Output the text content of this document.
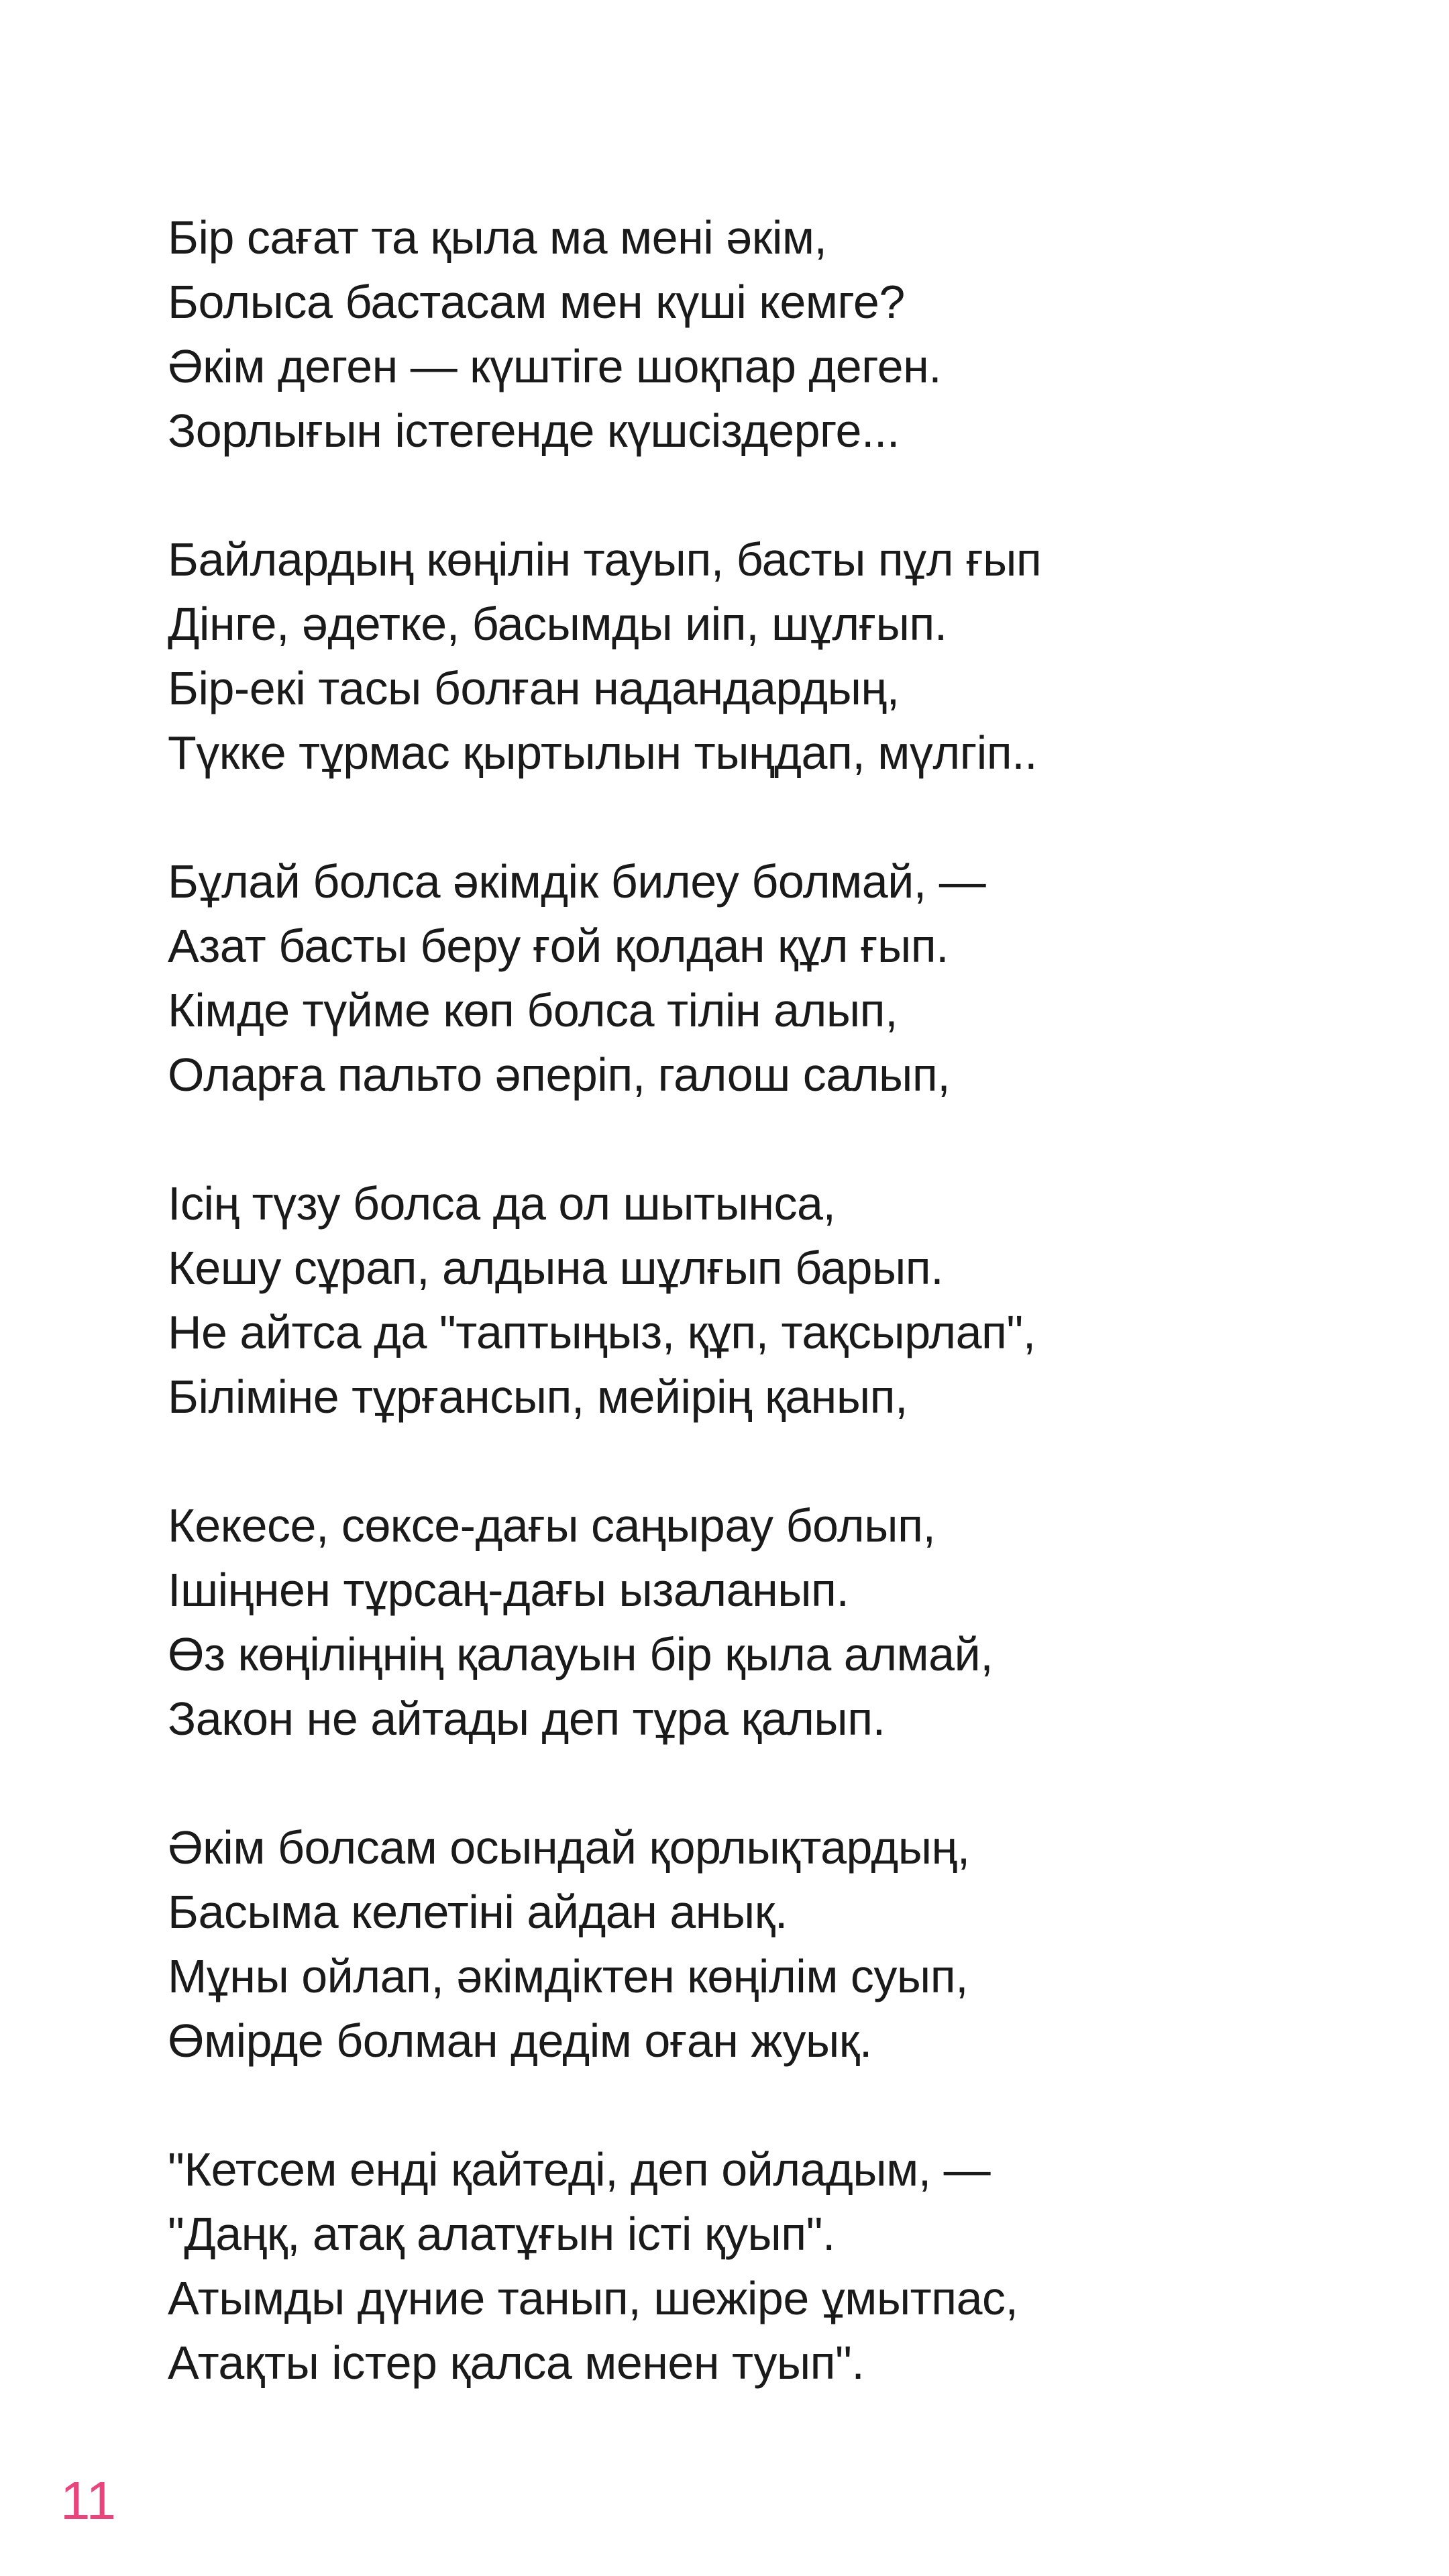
Бір сағат та қыла ма мені әкім,
Болыса бастасам мен күші кемге?
Әкім деген — күштіге шоқпар деген.
Зорлығын істегенде күшсіздерге...
Байлардың көңілін тауып, басты пұл ғып
Дінге, әдетке, басымды иіп, шұлғып.
Бір-екі тасы болған надандардың,
Түкке тұрмас қыртылын тыңдап, мүлгіп..
Бұлай болса әкімдік билеу болмай, —
Азат басты беру ғой қолдан құл ғып.
Кімде түйме көп болса тілін алып,
Оларға пальто әперіп, галош салып,
Ісің түзу болса да ол шытынса,
Кешу сұрап, алдына шұлғып барып.
Не айтса да "таптыңыз, құп, тақсырлап",
Біліміне тұрғансып, мейірің қанып,
Кекесе, сөксе-дағы саңырау болып,
Ішіңнен тұрсаң-дағы ызаланып.
Өз көңіліңнің қалауын бір қыла алмай,
Закон не айтады деп тұра қалып.
Әкім болсам осындай қорлықтардың,
Басыма келетіні айдан анық.
Мұны ойлап, әкімдіктен көңілім суып,
Өмірде болман дедім оған жуық.
"Кетсем енді қайтеді, деп ойладым, —
"Даңқ, атақ алатұғын істі қуып".
Атымды дүние танып, шежіре ұмытпас,
Атақты істер қалса менен туып".
11
